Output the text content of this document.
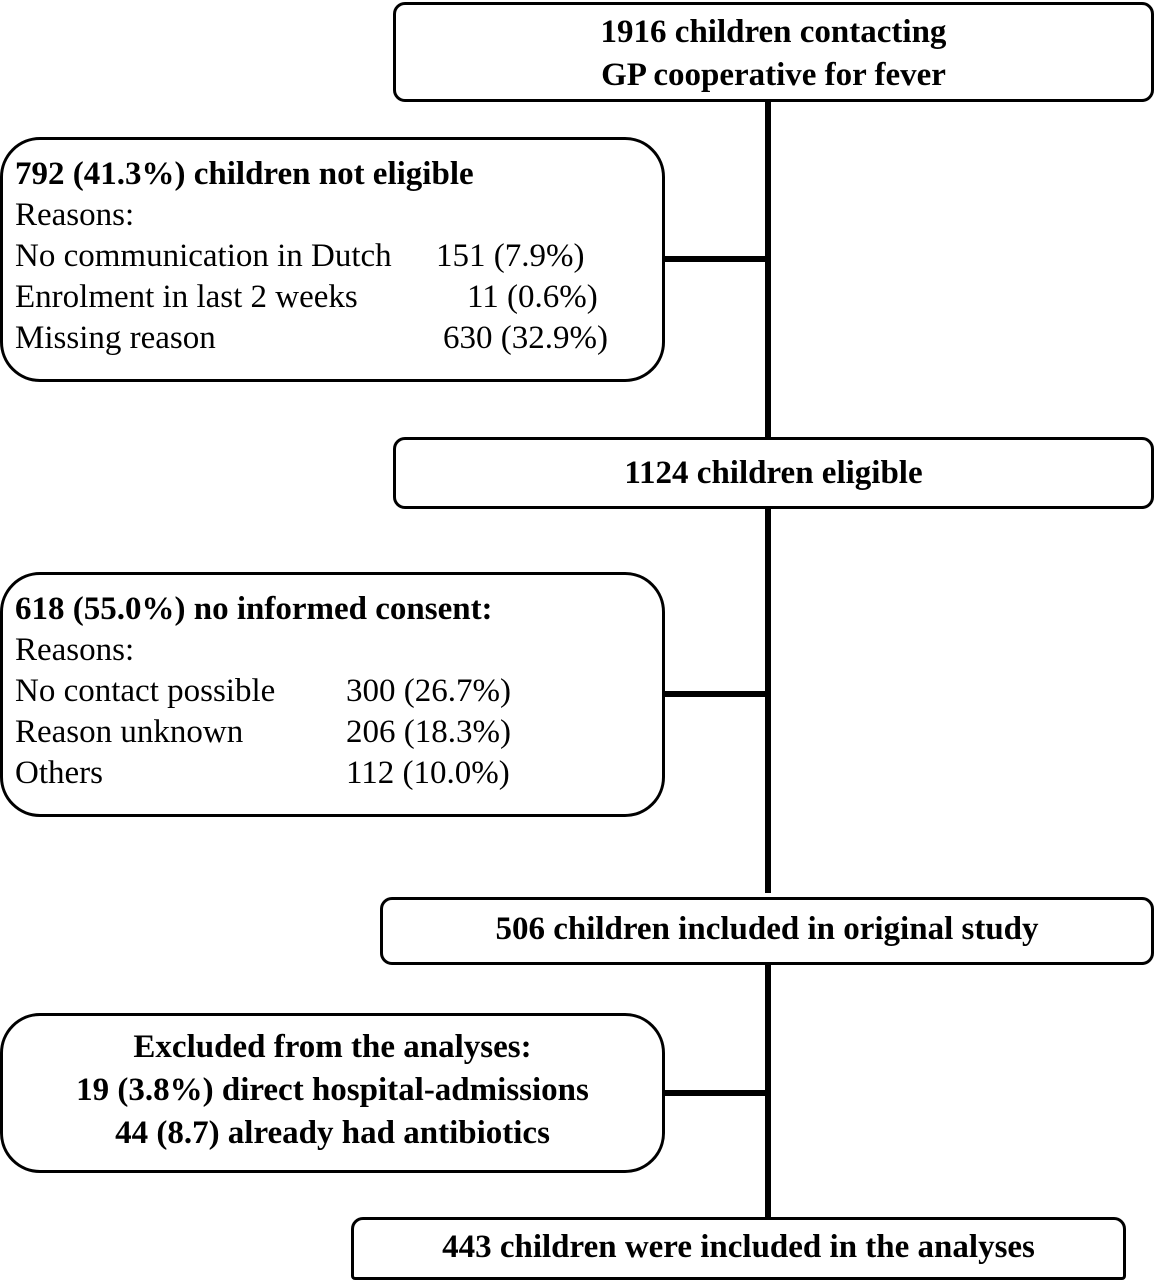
1916 children contacting
GP cooperative for fever
792 (41.3%) children not eligible
Reasons:
No communication in Dutch 151 (7.9%)
Enrolment in last 2 weeks	11 (0.6%)
Missing reason	630 (32.9%)
1124 children eligible
618 (55.0%) no informed consent:
Reasons:
No contact possible 300 (26.7%)
Reason unknown	206 (18.3%)
Others	112 (10.0%)
506 children included in original study
Excluded from the analyses:
19 (3.8%) direct hospital-admissions
44 (8.7) already had antibiotics
443 children were included in the analyses
